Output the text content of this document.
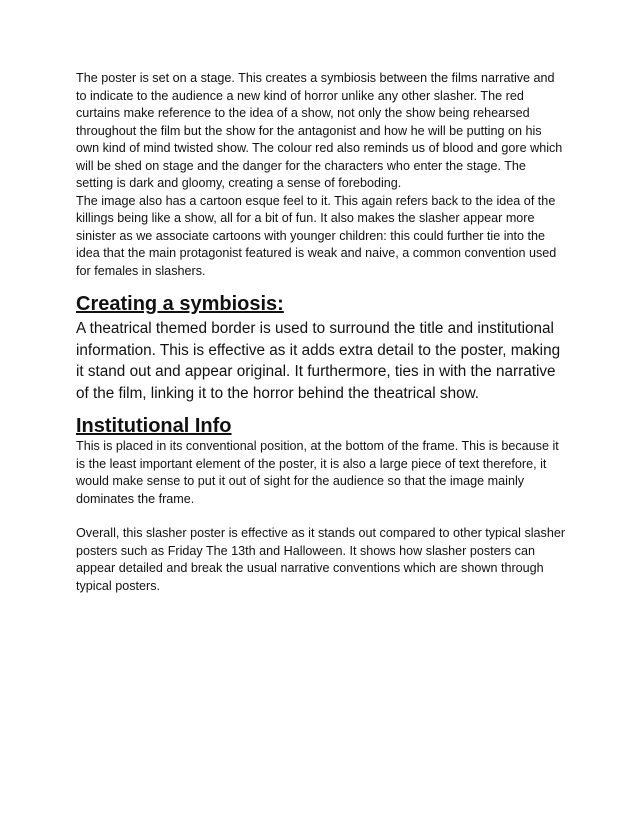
The poster is set on a stage. This creates a symbiosis between the films narrative and to indicate to the audience a new kind of horror unlike any other slasher. The red curtains make reference to the idea of a show, not only the show being rehearsed throughout the film but the show for the antagonist and how he will be putting on his own kind of mind twisted show. The colour red also reminds us of blood and gore which will be shed on stage and the danger for the characters who enter the stage. The setting is dark and gloomy, creating a sense of foreboding.

The image also has a cartoon esque feel to it. This again refers back to the idea of the killings being like a show, all for a bit of fun. It also makes the slasher appear more sinister as we associate cartoons with younger children: this could further tie into the idea that the main protagonist featured is weak and naive, a common convention used for females in slashers.

Creating a symbiosis:

A theatrical themed border is used to surround the title and institutional information. This is effective as it adds extra detail to the poster, making it stand out and appear original. It furthermore, ties in with the narrative of the film, linking it to the horror behind the theatrical show.

Institutional Info

This is placed in its conventional position, at the bottom of the frame. This is because it is the least important element of the poster, it is also a large piece of text therefore, it would make sense to put it out of sight for the audience so that the image mainly dominates the frame.

Overall, this slasher poster is effective as it stands out compared to other typical slasher posters such as Friday The 13th and Halloween. It shows how slasher posters can appear detailed and break the usual narrative conventions which are shown through typical posters.
